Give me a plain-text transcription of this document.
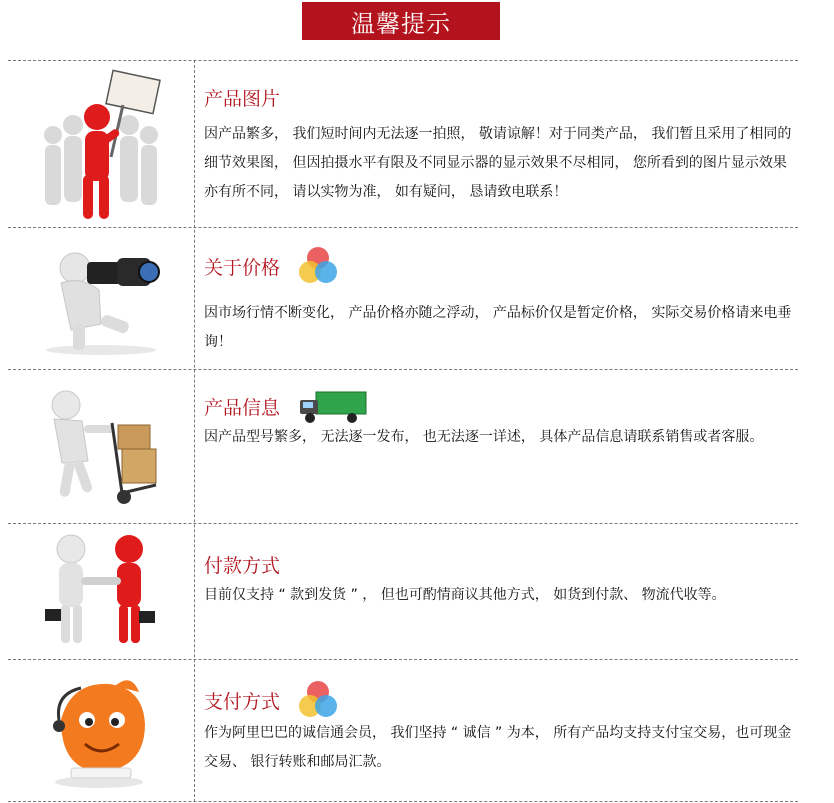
温馨提示
产品图片
因产品繁多， 我们短时间内无法逐一拍照， 敬请谅解！对于同类产品， 我们暂且采用了相同的细节效果图， 但因拍摄水平有限及不同显示器的显示效果不尽相同， 您所看到的图片显示效果亦有所不同， 请以实物为准， 如有疑问， 恳请致电联系！
关于价格
因市场行情不断变化， 产品价格亦随之浮动， 产品标价仅是暂定价格， 实际交易价格请来电垂询！
产品信息
因产品型号繁多， 无法逐一发布， 也无法逐一详述， 具体产品信息请联系销售或者客服。
付款方式
目前仅支持 “ 款到发货 ” ， 但也可酌情商议其他方式， 如货到付款、 物流代收等。
支付方式
作为阿里巴巴的诚信通会员， 我们坚持 “ 诚信 ” 为本， 所有产品均支持支付宝交易，也可现金交易、 银行转账和邮局汇款。
